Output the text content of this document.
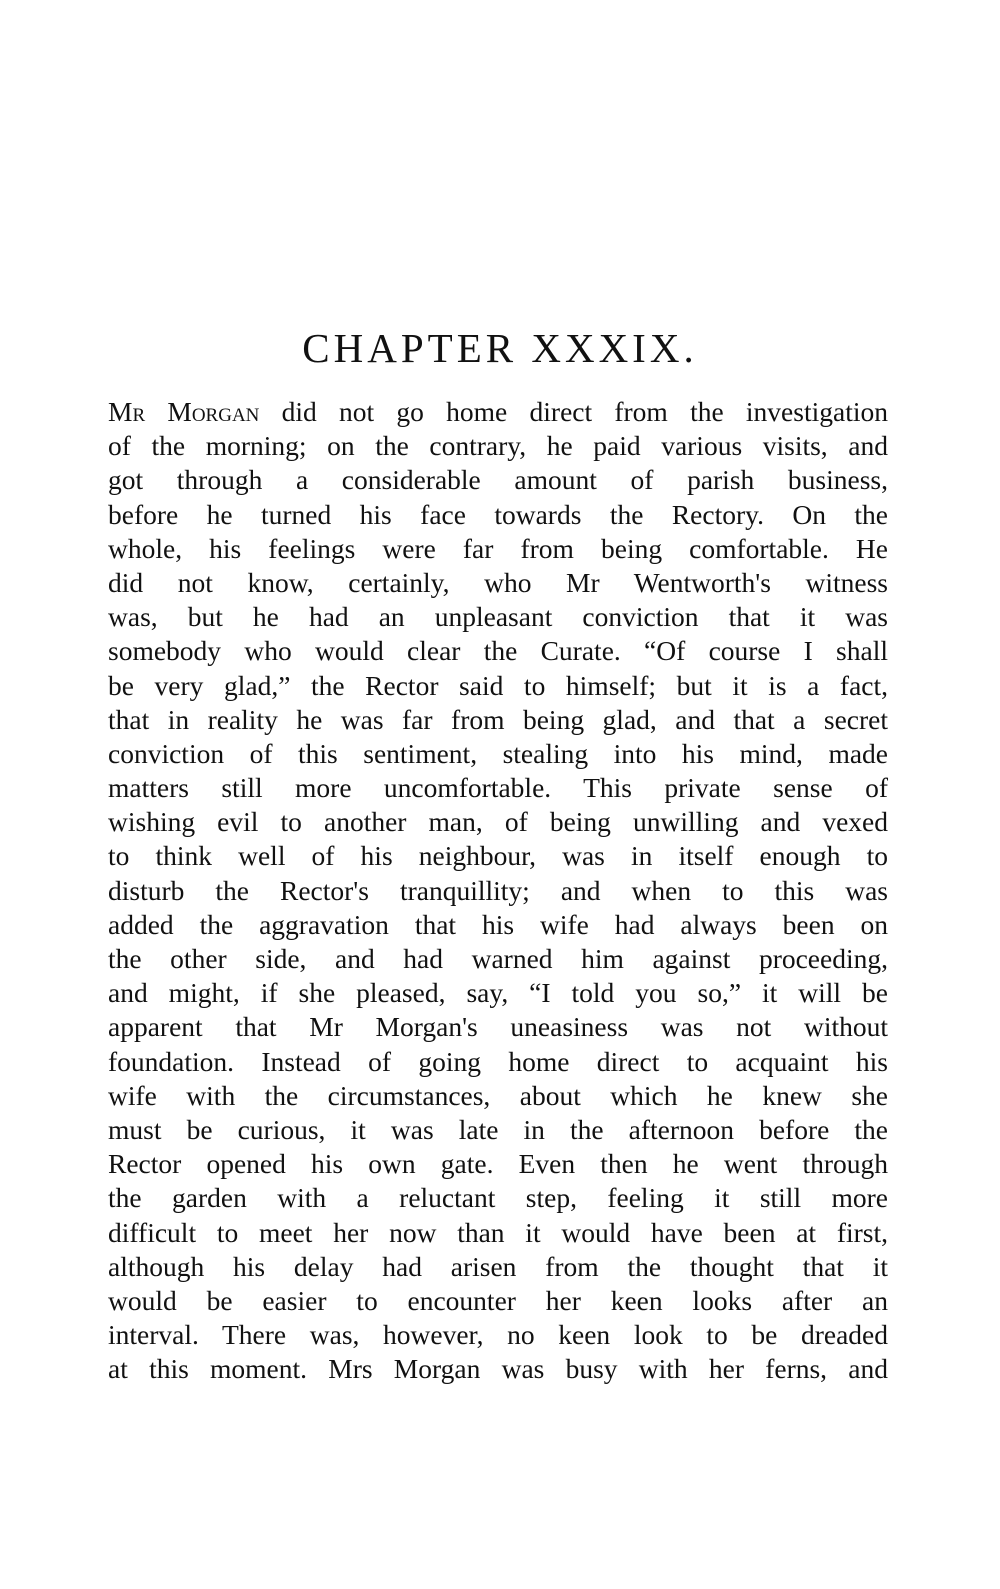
CHAPTER XXXIX.
Mr Morgan did not go home direct from the investigation
of the morning; on the contrary, he paid various visits, and
got through a considerable amount of parish business,
before he turned his face towards the Rectory. On the
whole, his feelings were far from being comfortable. He
did not know, certainly, who Mr Wentworth's witness
was, but he had an unpleasant conviction that it was
somebody who would clear the Curate. “Of course I shall
be very glad,” the Rector said to himself; but it is a fact,
that in reality he was far from being glad, and that a secret
conviction of this sentiment, stealing into his mind, made
matters still more uncomfortable. This private sense of
wishing evil to another man, of being unwilling and vexed
to think well of his neighbour, was in itself enough to
disturb the Rector's tranquillity; and when to this was
added the aggravation that his wife had always been on
the other side, and had warned him against proceeding,
and might, if she pleased, say, “I told you so,” it will be
apparent that Mr Morgan's uneasiness was not without
foundation. Instead of going home direct to acquaint his
wife with the circumstances, about which he knew she
must be curious, it was late in the afternoon before the
Rector opened his own gate. Even then he went through
the garden with a reluctant step, feeling it still more
difficult to meet her now than it would have been at first,
although his delay had arisen from the thought that it
would be easier to encounter her keen looks after an
interval. There was, however, no keen look to be dreaded
at this moment. Mrs Morgan was busy with her ferns, and
